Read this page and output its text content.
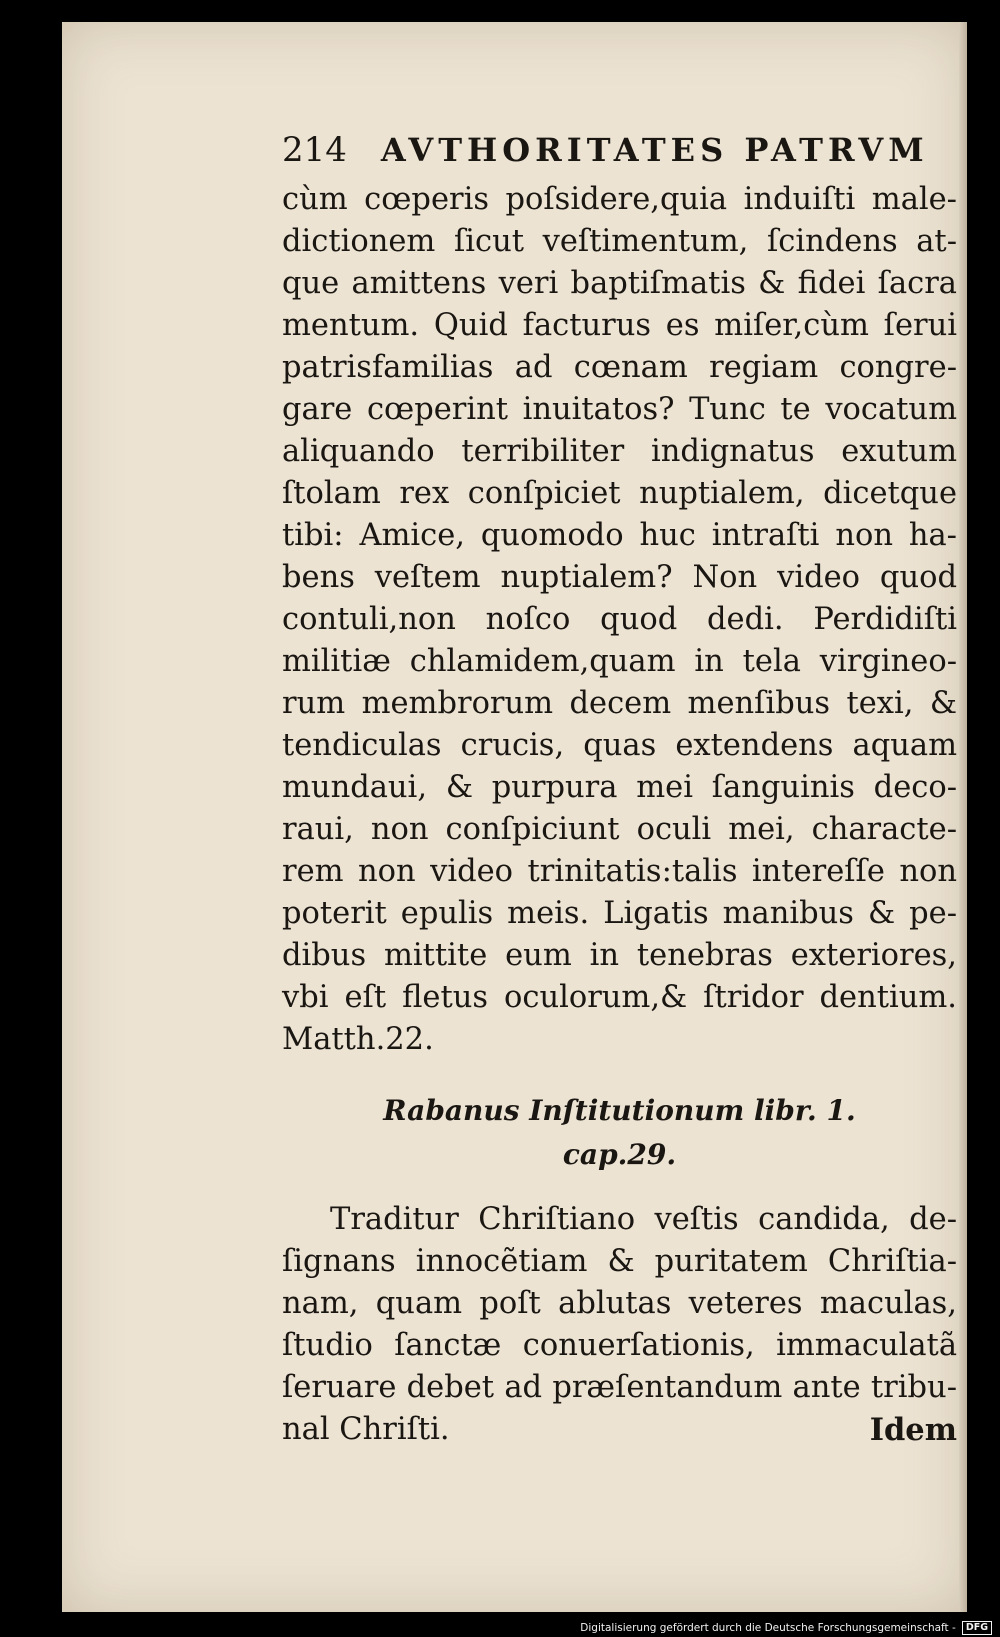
214 AVTHORITATES PATRVM
cùm cœperis poſsidere,quia induiſti male-
dictionem ſicut veſtimentum, ſcindens at-
que amittens veri baptiſmatis & fidei ſacra
mentum. Quid facturus es miſer,cùm ſerui
patrisfamilias ad cœnam regiam congre-
gare cœperint inuitatos? Tunc te vocatum
aliquando terribiliter indignatus exutum
ſtolam rex conſpiciet nuptialem, dicetque
tibi: Amice, quomodo huc intraſti non ha-
bens veſtem nuptialem? Non video quod
contuli,non noſco quod dedi. Perdidiſti
militiæ chlamidem,quam in tela virgineo-
rum membrorum decem menſibus texi, &
tendiculas crucis, quas extendens aquam
mundaui, & purpura mei ſanguinis deco-
raui, non conſpiciunt oculi mei, characte-
rem non video trinitatis:talis intereſſe non
poterit epulis meis. Ligatis manibus & pe-
dibus mittite eum in tenebras exteriores,
vbi eſt fletus oculorum,& ſtridor dentium.
Matth.22.
Rabanus Inſtitutionum libr. 1.
cap.29.
Traditur Chriſtiano veſtis candida, de-
ſignans innocẽtiam & puritatem Chriſtia-
nam, quam poſt ablutas veteres maculas,
ſtudio ſanctæ conuerſationis, immaculatã
ſeruare debet ad præſentandum ante tribu-
nal Chriſti.	Idem
Digitalisierung gefördert durch die Deutsche Forschungsgemeinschaft -	DFG
